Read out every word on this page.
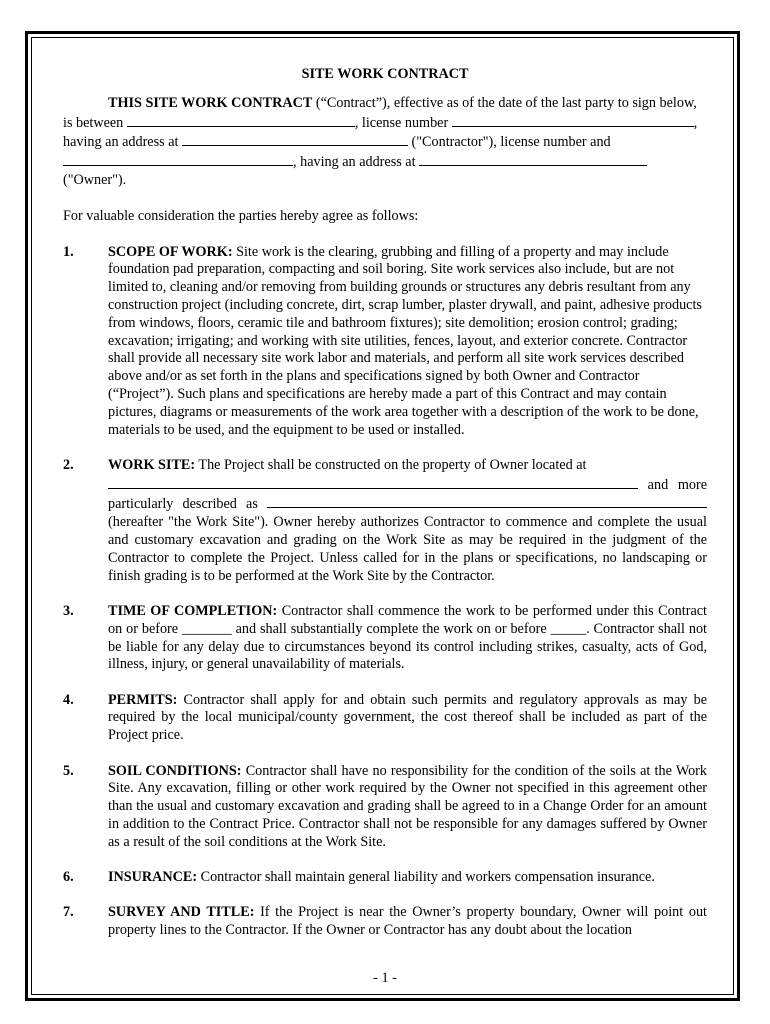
SITE WORK CONTRACT

THIS SITE WORK CONTRACT (“Contract”), effective as of the date of the last party to sign below, is between	, license number	, having an address at	("Contractor"), license number and , having an address at  ("Owner").

For valuable consideration the parties hereby agree as follows:

1.	SCOPE OF WORK: Site work is the clearing, grubbing and filling of a property and may include foundation pad preparation, compacting and soil boring. Site work services also include, but are not limited to, cleaning and/or removing from building grounds or structures any debris resultant from any construction project (including concrete, dirt, scrap lumber, plaster drywall, and paint, adhesive products from windows, floors, ceramic tile and bathroom fixtures); site demolition; erosion control; grading; excavation; irrigating; and working with site utilities, fences, layout, and exterior concrete. Contractor shall provide all necessary site work labor and materials, and perform all site work services described above and/or as set forth in the plans and specifications signed by both Owner and Contractor (“Project”). Such plans and specifications are hereby made a part of this Contract and may contain pictures, diagrams or measurements of the work area together with a description of the work to be done, materials to be used, and the equipment to be used or installed.
2.	WORK SITE: The Project shall be constructed on the property of Owner located at
and more particularly described as  (hereafter "the Work Site"). Owner hereby authorizes Contractor to commence and complete the usual and customary excavation and grading on the Work Site as may be required in the judgment of the Contractor to complete the Project. Unless called for in the plans or specifications, no landscaping or finish grading is to be performed at the Work Site by the Contractor.
3.	TIME OF COMPLETION: Contractor shall commence the work to be performed under this Contract on or before _______ and shall substantially complete the work on or before _____. Contractor shall not be liable for any delay due to circumstances beyond its control including strikes, casualty, acts of God, illness, injury, or general unavailability of materials.
4.	PERMITS: Contractor shall apply for and obtain such permits and regulatory approvals as may be required by the local municipal/county government, the cost thereof shall be included as part of the Project price.
5.	SOIL CONDITIONS: Contractor shall have no responsibility for the condition of the soils at the Work Site. Any excavation, filling or other work required by the Owner not specified in this agreement other than the usual and customary excavation and grading shall be agreed to in a Change Order for an amount in addition to the Contract Price. Contractor shall not be responsible for any damages suffered by Owner as a result of the soil conditions at the Work Site.
6.	INSURANCE: Contractor shall maintain general liability and workers compensation insurance.
7.	SURVEY AND TITLE: If the Project is near the Owner’s property boundary, Owner will point out property lines to the Contractor. If the Owner or Contractor has any doubt about the location
- 1 -
